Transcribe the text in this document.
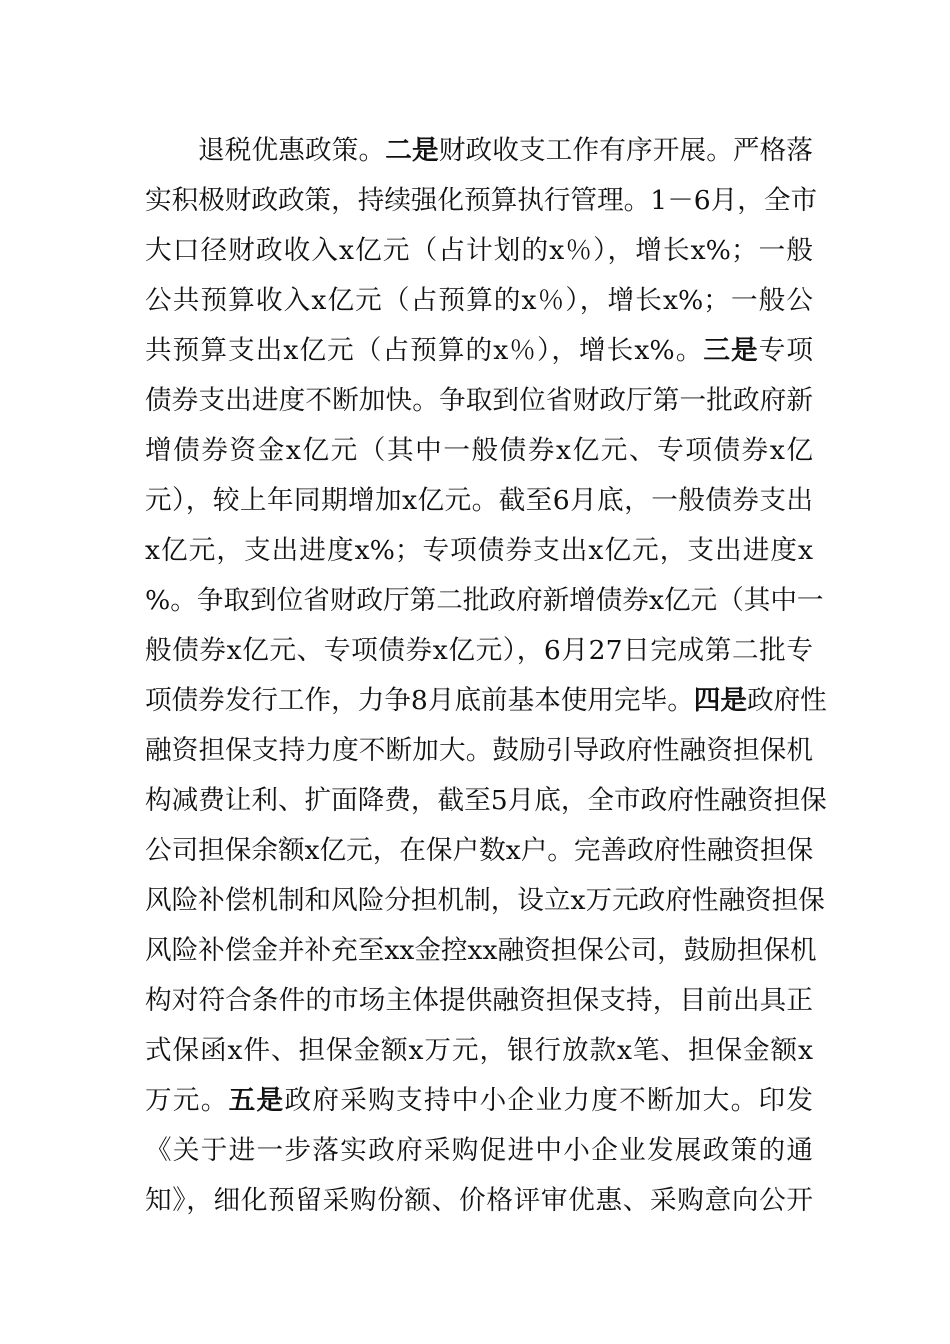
退税优惠政策。二是财政收支工作有序开展。严格落
实积极财政政策，持续强化预算执行管理。1－6月，全市
大口径财政收入x亿元（占计划的x％），增长x%；一般
公共预算收入x亿元（占预算的x％），增长x%；一般公
共预算支出x亿元（占预算的x％），增长x%。三是专项
债券支出进度不断加快。争取到位省财政厅第一批政府新
增债券资金x亿元（其中一般债券x亿元、专项债券x亿
元），较上年同期增加x亿元。截至6月底，一般债券支出
x亿元，支出进度x%；专项债券支出x亿元，支出进度x
%。争取到位省财政厅第二批政府新增债券x亿元（其中一
般债券x亿元、专项债券x亿元），6月27日完成第二批专
项债券发行工作，力争8月底前基本使用完毕。四是政府性
融资担保支持力度不断加大。鼓励引导政府性融资担保机
构减费让利、扩面降费，截至5月底，全市政府性融资担保
公司担保余额x亿元，在保户数x户。完善政府性融资担保
风险补偿机制和风险分担机制，设立x万元政府性融资担保
风险补偿金并补充至xx金控xx融资担保公司，鼓励担保机
构对符合条件的市场主体提供融资担保支持，目前出具正
式保函x件、担保金额x万元，银行放款x笔、担保金额x
万元。五是政府采购支持中小企业力度不断加大。印发
《关于进一步落实政府采购促进中小企业发展政策的通
知》，细化预留采购份额、价格评审优惠、采购意向公开
